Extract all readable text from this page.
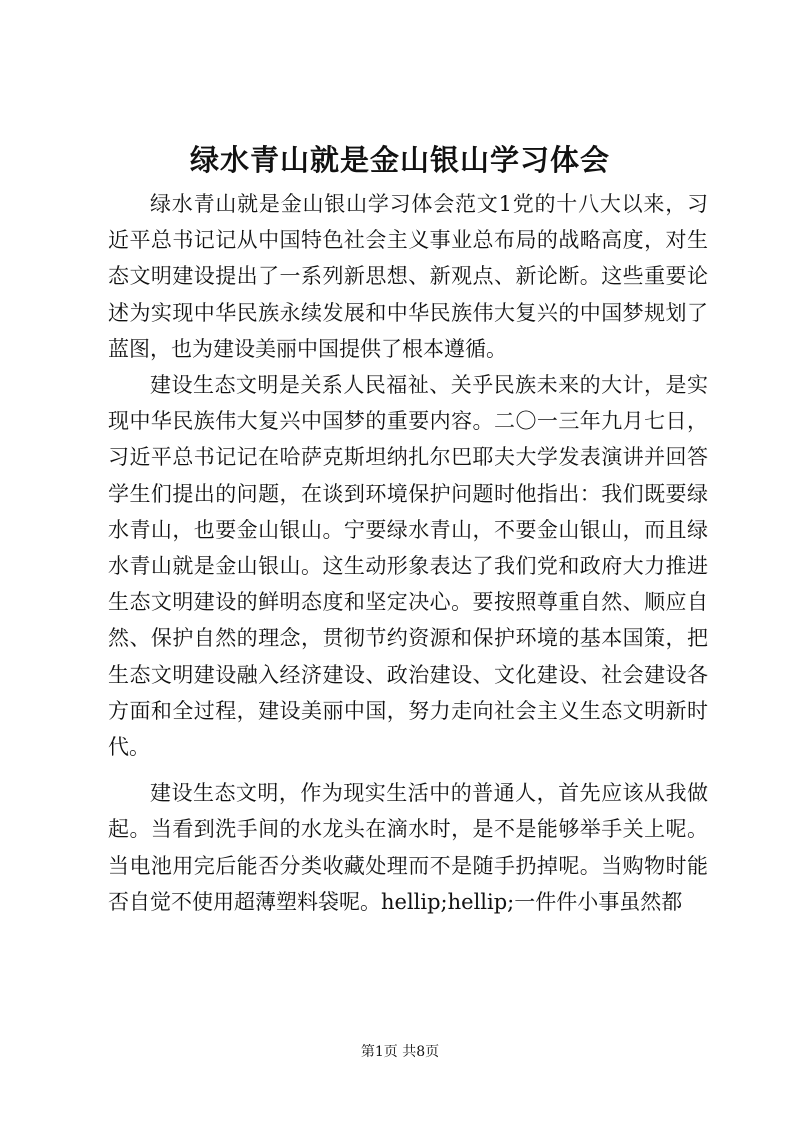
绿水青山就是金山银山学习体会

绿水青山就是金山银山学习体会范文1党的十八大以来，习近平总书记记从中国特色社会主义事业总布局的战略高度，对生态文明建设提出了一系列新思想、新观点、新论断。这些重要论述为实现中华民族永续发展和中华民族伟大复兴的中国梦规划了蓝图，也为建设美丽中国提供了根本遵循。

建设生态文明是关系人民福祉、关乎民族未来的大计，是实现中华民族伟大复兴中国梦的重要内容。二〇一三年九月七日，习近平总书记记在哈萨克斯坦纳扎尔巴耶夫大学发表演讲并回答学生们提出的问题，在谈到环境保护问题时他指出：我们既要绿水青山，也要金山银山。宁要绿水青山，不要金山银山，而且绿水青山就是金山银山。这生动形象表达了我们党和政府大力推进生态文明建设的鲜明态度和坚定决心。要按照尊重自然、顺应自然、保护自然的理念，贯彻节约资源和保护环境的基本国策，把生态文明建设融入经济建设、政治建设、文化建设、社会建设各方面和全过程，建设美丽中国，努力走向社会主义生态文明新时代。

建设生态文明，作为现实生活中的普通人，首先应该从我做起。当看到洗手间的水龙头在滴水时，是不是能够举手关上呢。当电池用完后能否分类收藏处理而不是随手扔掉呢。当购物时能否自觉不使用超薄塑料袋呢。hellip;hellip;一件件小事虽然都

第1页 共8页
